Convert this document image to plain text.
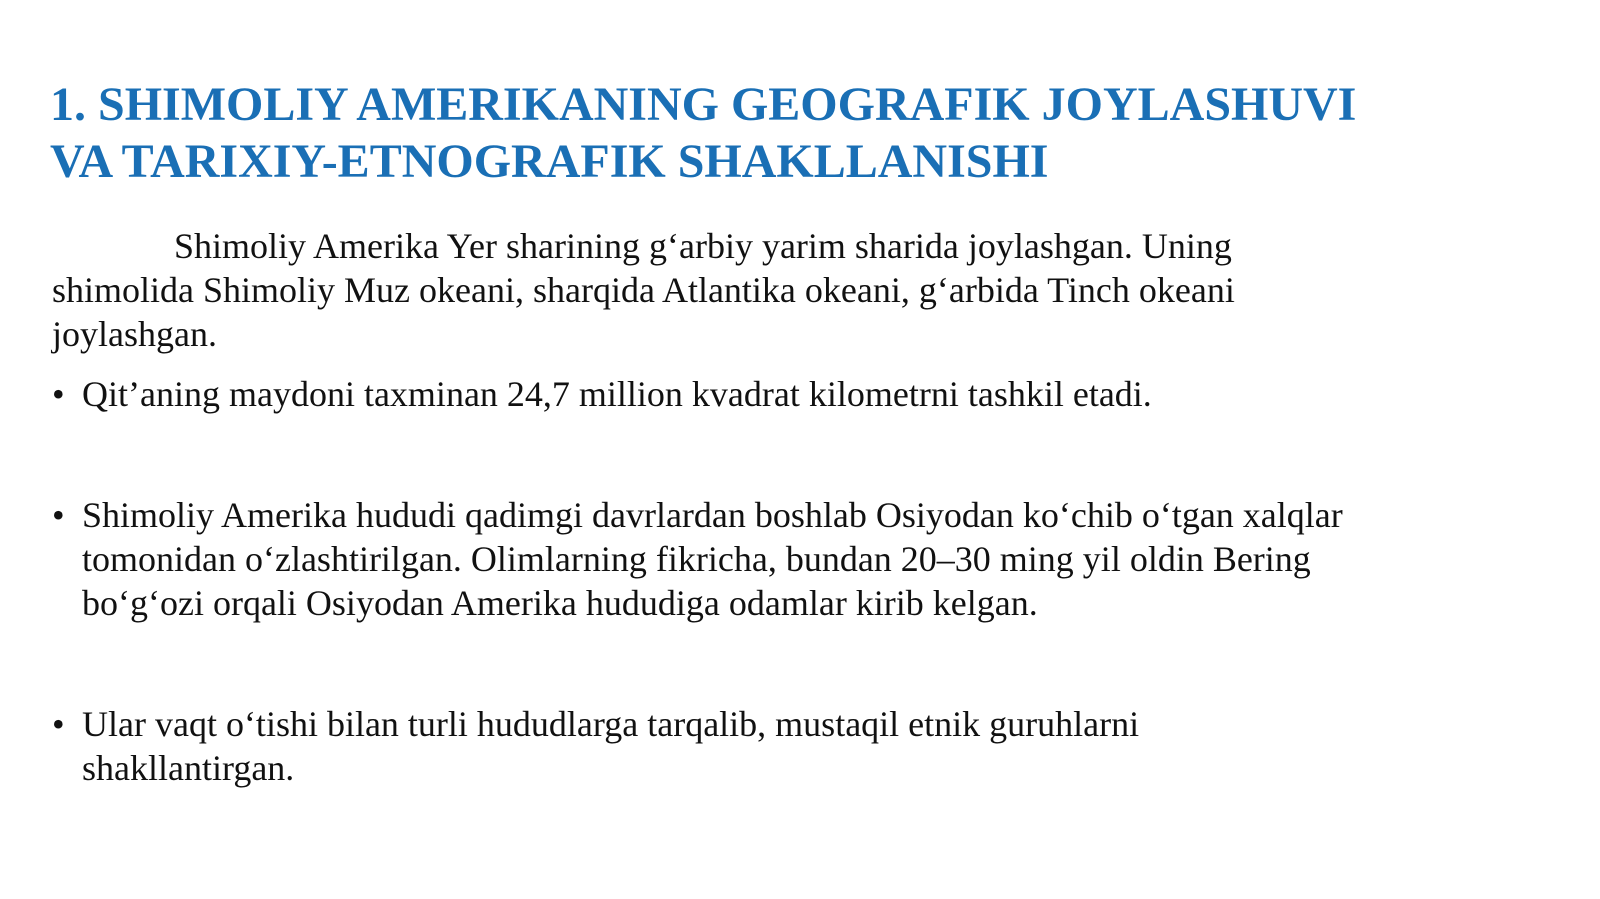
1. SHIMOLIY AMERIKANING GEOGRAFIK JOYLASHUVI
VA TARIXIY-ETNOGRAFIK SHAKLLANISHI

Shimoliy Amerika Yer sharining g‘arbiy yarim sharida joylashgan. Uning
shimolida Shimoliy Muz okeani, sharqida Atlantika okeani, g‘arbida Tinch okeani
joylashgan.

• Qit’aning maydoni taxminan 24,7 million kvadrat kilometrni tashkil etadi.
• Shimoliy Amerika hududi qadimgi davrlardan boshlab Osiyodan ko‘chib o‘tgan xalqlar
tomonidan o‘zlashtirilgan. Olimlarning fikricha, bundan 20–30 ming yil oldin Bering
bo‘g‘ozi orqali Osiyodan Amerika hududiga odamlar kirib kelgan.
• Ular vaqt o‘tishi bilan turli hududlarga tarqalib, mustaqil etnik guruhlarni
shakllantirgan.
